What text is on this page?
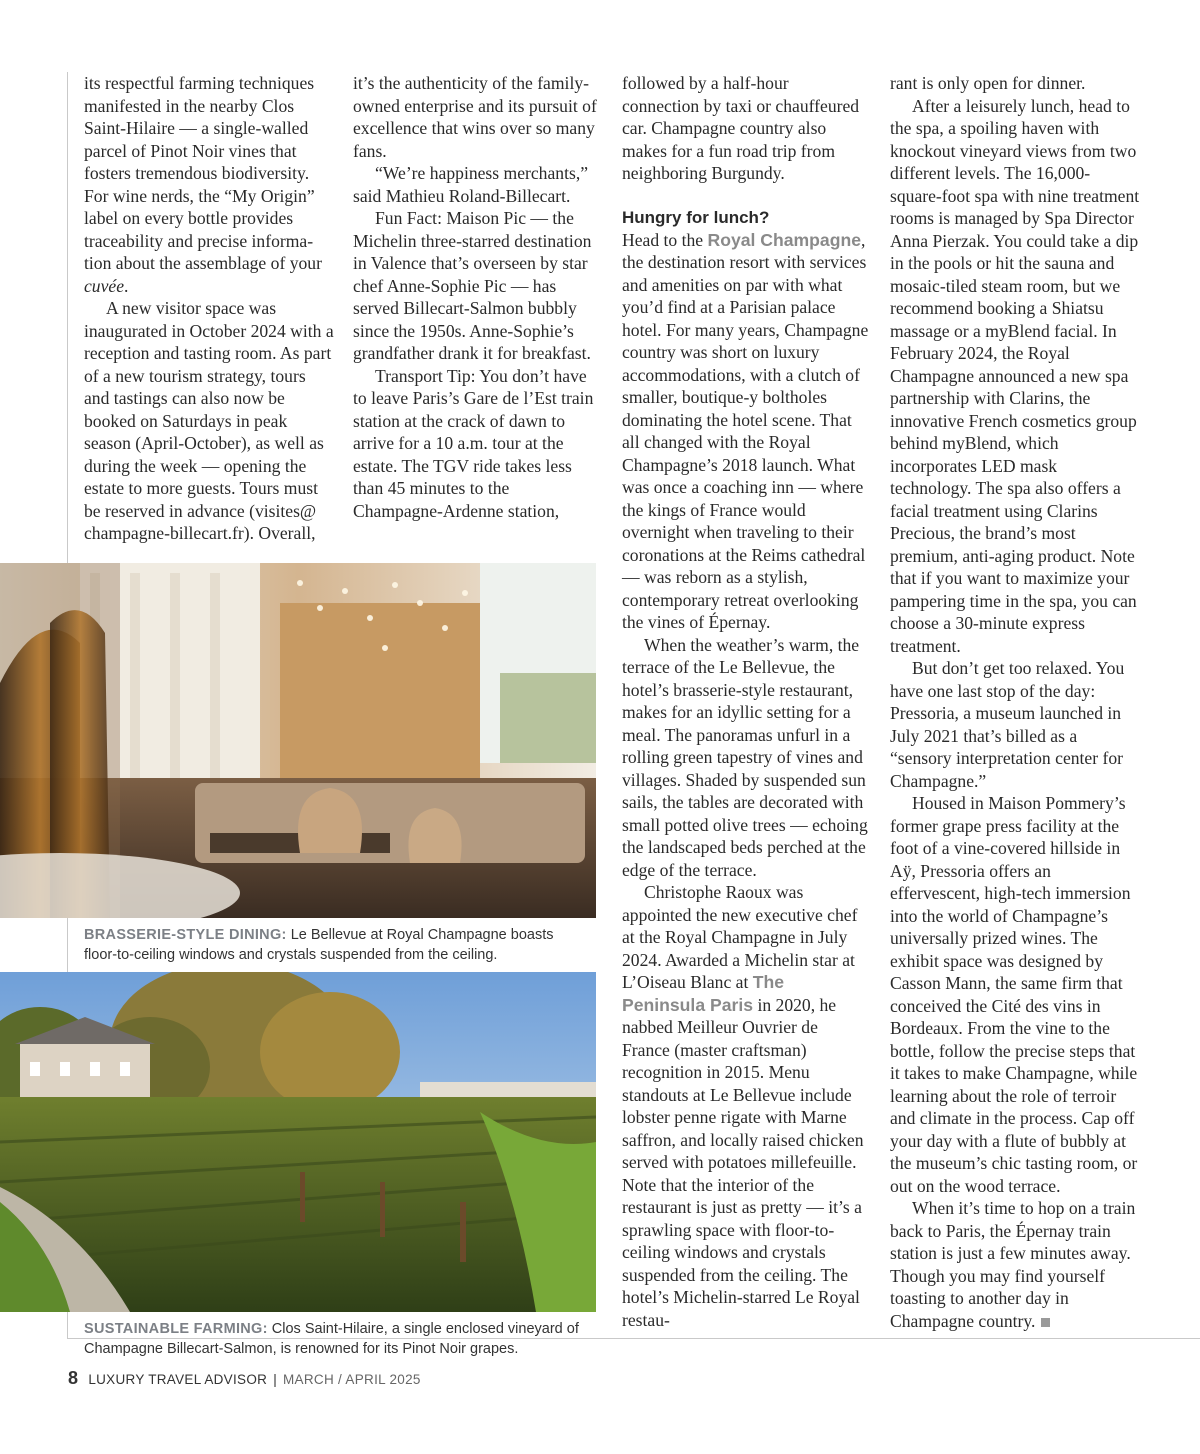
its respectful farming techniques manifested in the nearby Clos Saint-Hilaire — a single-walled parcel of Pinot Noir vines that fosters tremendous biodiversity. For wine nerds, the “My Origin” label on every bottle provides traceability and precise informa-tion about the assemblage of your cuvée.

A new visitor space was inaugurated in October 2024 with a reception and tasting room. As part of a new tourism strategy, tours and tastings can also now be booked on Saturdays in peak season (April-October), as well as during the week — opening the estate to more guests. Tours must be reserved in advance (visites@ champagne-billecart.fr). Overall,

it’s the authenticity of the family-owned enterprise and its pursuit of excellence that wins over so many fans.

“We’re happiness merchants,” said Mathieu Roland-Billecart.

Fun Fact: Maison Pic — the Michelin three-starred destination in Valence that’s overseen by star chef Anne-Sophie Pic — has served Billecart-Salmon bubbly since the 1950s. Anne-Sophie’s grandfather drank it for breakfast.

Transport Tip: You don’t have to leave Paris’s Gare de l’Est train station at the crack of dawn to arrive for a 10 a.m. tour at the estate. The TGV ride takes less than 45 minutes to the Champagne-Ardenne station,

followed by a half-hour connection by taxi or chauffeured car. Champagne country also makes for a fun road trip from neighboring Burgundy.

Hungry for lunch?

Head to the Royal Champagne, the destination resort with services and amenities on par with what you’d find at a Parisian palace hotel. For many years, Champagne country was short on luxury accommodations, with a clutch of smaller, boutique-y boltholes dominating the hotel scene. That all changed with the Royal Champagne’s 2018 launch. What was once a coaching inn — where the kings of France would overnight when traveling to their coronations at the Reims cathedral — was reborn as a stylish, contemporary retreat overlooking the vines of Épernay.

When the weather’s warm, the terrace of the Le Bellevue, the hotel’s brasserie-style restaurant, makes for an idyllic setting for a meal. The panoramas unfurl in a rolling green tapestry of vines and villages. Shaded by suspended sun sails, the tables are decorated with small potted olive trees — echoing the landscaped beds perched at the edge of the terrace.

Christophe Raoux was appointed the new executive chef at the Royal Champagne in July 2024. Awarded a Michelin star at L’Oiseau Blanc at The Peninsula Paris in 2020, he nabbed Meilleur Ouvrier de France (master craftsman) recognition in 2015. Menu standouts at Le Bellevue include lobster penne rigate with Marne saffron, and locally raised chicken served with potatoes millefeuille. Note that the interior of the restaurant is just as pretty — it’s a sprawling space with floor-to-ceiling windows and crystals suspended from the ceiling. The hotel’s Michelin-starred Le Royal restau-

rant is only open for dinner.

After a leisurely lunch, head to the spa, a spoiling haven with knockout vineyard views from two different levels. The 16,000-square-foot spa with nine treatment rooms is managed by Spa Director Anna Pierzak. You could take a dip in the pools or hit the sauna and mosaic-tiled steam room, but we recommend booking a Shiatsu massage or a myBlend facial. In February 2024, the Royal Champagne announced a new spa partnership with Clarins, the innovative French cosmetics group behind myBlend, which incorporates LED mask technology. The spa also offers a facial treatment using Clarins Precious, the brand’s most premium, anti-aging product. Note that if you want to maximize your pampering time in the spa, you can choose a 30-minute express treatment.

But don’t get too relaxed. You have one last stop of the day: Pressoria, a museum launched in July 2021 that’s billed as a “sensory interpretation center for Champagne.”

Housed in Maison Pommery’s former grape press facility at the foot of a vine-covered hillside in Aÿ, Pressoria offers an effervescent, high-tech immersion into the world of Champagne’s universally prized wines. The exhibit space was designed by Casson Mann, the same firm that conceived the Cité des vins in Bordeaux. From the vine to the bottle, follow the precise steps that it takes to make Champagne, while learning about the role of terroir and climate in the process. Cap off your day with a flute of bubbly at the museum’s chic tasting room, or out on the wood terrace.

When it’s time to hop on a train back to Paris, the Épernay train station is just a few minutes away. Though you may find yourself toasting to another day in Champagne country.

BRASSERIE-STYLE DINING: Le Bellevue at Royal Champagne boasts floor-to-ceiling windows and crystals suspended from the ceiling.
SUSTAINABLE FARMING: Clos Saint-Hilaire, a single enclosed vineyard of Champagne Billecart-Salmon, is renowned for its Pinot Noir grapes.
8 LUXURY TRAVEL ADVISOR | MARCH / APRIL 2025
